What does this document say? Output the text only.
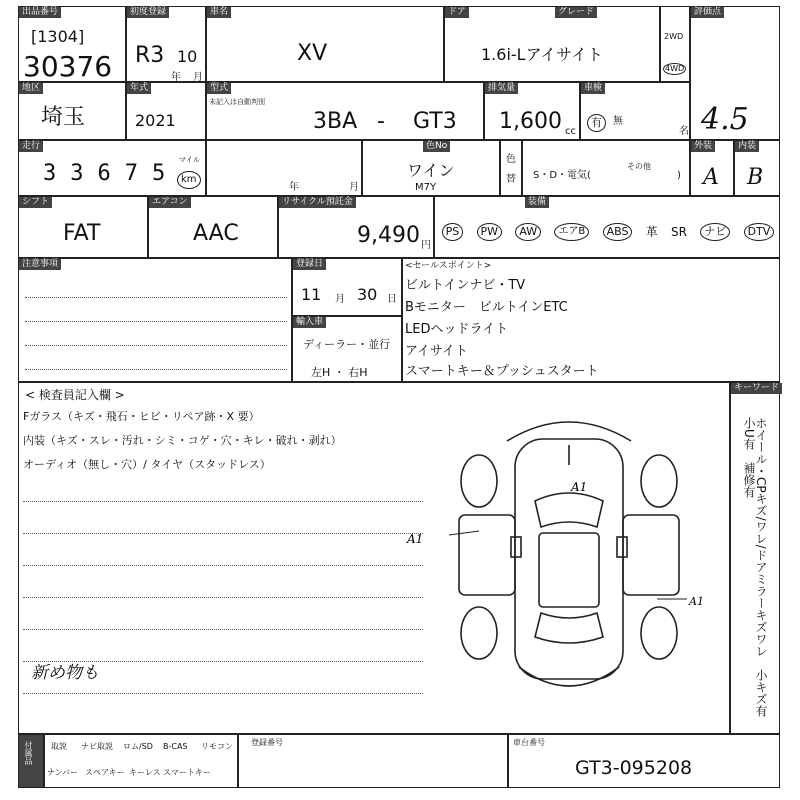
出品番号
[1304]
30376
初度登録
R3 10
年 月
車名
XV
ドア	グレード
1.6i-Lアイサイト
2WD
4WD
評価点
4.5
地区
埼玉
年式
2021
型式
未記入は自動判別
3BA - GT3
排気量
1,600 cc
車検
有	無
名
走行
33675
マイル
km
年	月
色No
ワイン
M7Y
色
替 S・D・電気(
その他
)
外装
A
内装
B
シフト
FAT
エアコン
AAC
リサイクル預託金
9,490 円
装備
PS	PW	AW	エアB	ABS	革 SR	ナビ	DTV
注意事項	登録日
11 月 30 日
輸入車
ディーラー・並行
左H ・ 右H
<セールスポイント>
ビルトインナビ・TV
Bモニター　ビルトインETC
LEDヘッドライト
アイサイト
スマートキー＆プッシュスタート
< 検査員記入欄 >
Fガラス（キズ・飛石・ヒビ・リペア跡・X 要）
内装（キズ・スレ・汚れ・シミ・コゲ・穴・キレ・破れ・剥れ）
オーディオ（無し・穴）/ タイヤ（スタッドレス）
新め物も
A1
A1
A1
キーワード
ホイール・CPキズ/ワレ/ドアミラーキズワレ　小キズ有　小U有　補修有
付属品 取説 ナビ取説 ロム/SD B-CAS リモコン
ナンバー スペアキー キーレス スマートキー
登録番号	車台番号
GT3-095208
